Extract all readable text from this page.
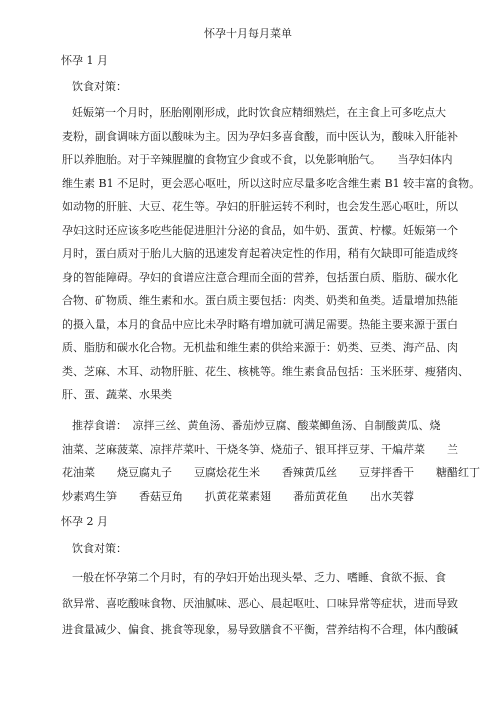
怀孕十月每月菜单
怀孕 1 月
饮食对策：
妊娠第一个月时，胚胎刚刚形成，此时饮食应精细熟烂，在主食上可多吃点大
麦粉，副食调味方面以酸味为主。因为孕妇多喜食酸，而中医认为，酸味入肝能补
肝以养胞胎。对于辛辣腥膻的食物宜少食或不食，以免影响胎气。　　当孕妇体内
维生素 B1 不足时，更会恶心呕吐，所以这时应尽量多吃含维生素 B1 较丰富的食物。
如动物的肝脏、大豆、花生等。孕妇的肝脏运转不利时，也会发生恶心呕吐，所以
孕妇这时还应该多吃些能促进胆汁分泌的食品，如牛奶、蛋黄、柠檬。妊娠第一个
月时，蛋白质对于胎儿大脑的迅速发育起着决定性的作用，稍有欠缺即可能造成终
身的智能障碍。孕妇的食谱应注意合理而全面的营养，包括蛋白质、脂肪、碳水化
合物、矿物质、维生素和水。蛋白质主要包括：肉类、奶类和鱼类。适量增加热能
的摄入量，本月的食品中应比未孕时略有增加就可满足需要。热能主要来源于蛋白
质、脂肪和碳水化合物。无机盐和维生素的供给来源于：奶类、豆类、海产品、肉
类、芝麻、木耳、动物肝脏、花生、核桃等。维生素食品包括：玉米胚芽、瘦猪肉、
肝、蛋、蔬菜、水果类
推荐食谱：　凉拌三丝、黄鱼汤、番茄炒豆腐、酸菜鲫鱼汤、自制酸黄瓜、烧
油菜、芝麻菠菜、凉拌芹菜叶、干烧冬笋、烧茄子、银耳拌豆芽、干煸芹菜　　兰
花油菜　　烧豆腐丸子　　豆腐烩花生米　　香辣黄瓜丝　　豆芽拌香干　　糖醋红丁
炒素鸡生笋　　香菇豆角　　扒黄花菜素翅　　番茄黄花鱼　　出水芙蓉
怀孕 2 月
饮食对策：
一般在怀孕第二个月时，有的孕妇开始出现头晕、乏力、嗜睡、食欲不振、食
欲异常、喜吃酸味食物、厌油腻味、恶心、晨起呕吐、口味异常等症状，进而导致
进食量减少、偏食、挑食等现象，易导致膳食不平衡，营养结构不合理，体内酸碱
